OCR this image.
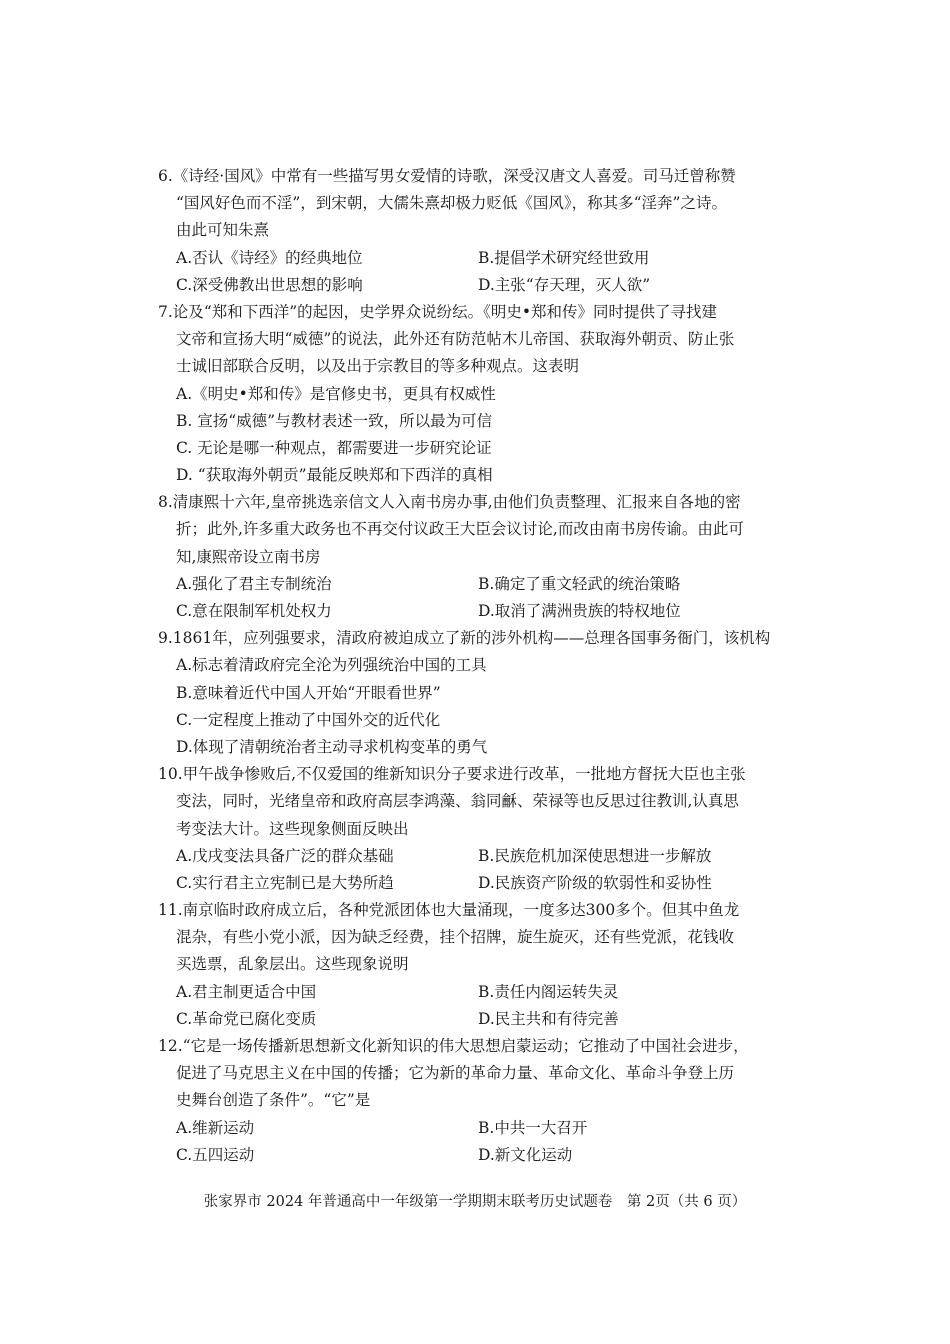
6.《诗经·国风》中常有一些描写男女爱情的诗歌，深受汉唐文人喜爱。司马迁曾称赞
“国风好色而不淫”，到宋朝，大儒朱熹却极力贬低《国风》，称其多“淫奔”之诗。
由此可知朱熹
A.否认《诗经》的经典地位	B.提倡学术研究经世致用
C.深受佛教出世思想的影响	D.主张“存天理，灭人欲”
7.论及“郑和下西洋”的起因，史学界众说纷纭。《明史•郑和传》同时提供了寻找建
文帝和宣扬大明“威德”的说法，此外还有防范帖木儿帝国、获取海外朝贡、防止张
士诚旧部联合反明，以及出于宗教目的等多种观点。这表明
A.《明史•郑和传》是官修史书，更具有权威性
B. 宣扬“威德”与教材表述一致，所以最为可信
C. 无论是哪一种观点，都需要进一步研究论证
D. “获取海外朝贡”最能反映郑和下西洋的真相
8.清康熙十六年,皇帝挑选亲信文人入南书房办事,由他们负责整理、汇报来自各地的密
折；此外,许多重大政务也不再交付议政王大臣会议讨论,而改由南书房传谕。由此可
知,康熙帝设立南书房
A.强化了君主专制统治	B.确定了重文轻武的统治策略
C.意在限制军机处权力	D.取消了满洲贵族的特权地位
9.1861年，应列强要求，清政府被迫成立了新的涉外机构——总理各国事务衙门，该机构
A.标志着清政府完全沦为列强统治中国的工具
B.意味着近代中国人开始“开眼看世界”
C.一定程度上推动了中国外交的近代化
D.体现了清朝统治者主动寻求机构变革的勇气
10.甲午战争惨败后,不仅爱国的维新知识分子要求进行改革，一批地方督抚大臣也主张
变法，同时，光绪皇帝和政府高层李鸿藻、翁同龢、荣禄等也反思过往教训,认真思
考变法大计。这些现象侧面反映出
A.戊戌变法具备广泛的群众基础	B.民族危机加深使思想进一步解放
C.实行君主立宪制已是大势所趋	D.民族资产阶级的软弱性和妥协性
11.南京临时政府成立后，各种党派团体也大量涌现，一度多达300多个。但其中鱼龙
混杂，有些小党小派，因为缺乏经费，挂个招牌，旋生旋灭，还有些党派，花钱收
买选票，乱象层出。这些现象说明
A.君主制更适合中国	B.责任内阁运转失灵
C.革命党已腐化变质	D.民主共和有待完善
12.“它是一场传播新思想新文化新知识的伟大思想启蒙运动；它推动了中国社会进步，
促进了马克思主义在中国的传播；它为新的革命力量、革命文化、革命斗争登上历
史舞台创造了条件”。“它”是
A.维新运动	B.中共一大召开
C.五四运动	D.新文化运动
张家界市 2024 年普通高中一年级第一学期期末联考历史试题卷　第 2页（共 6 页）
